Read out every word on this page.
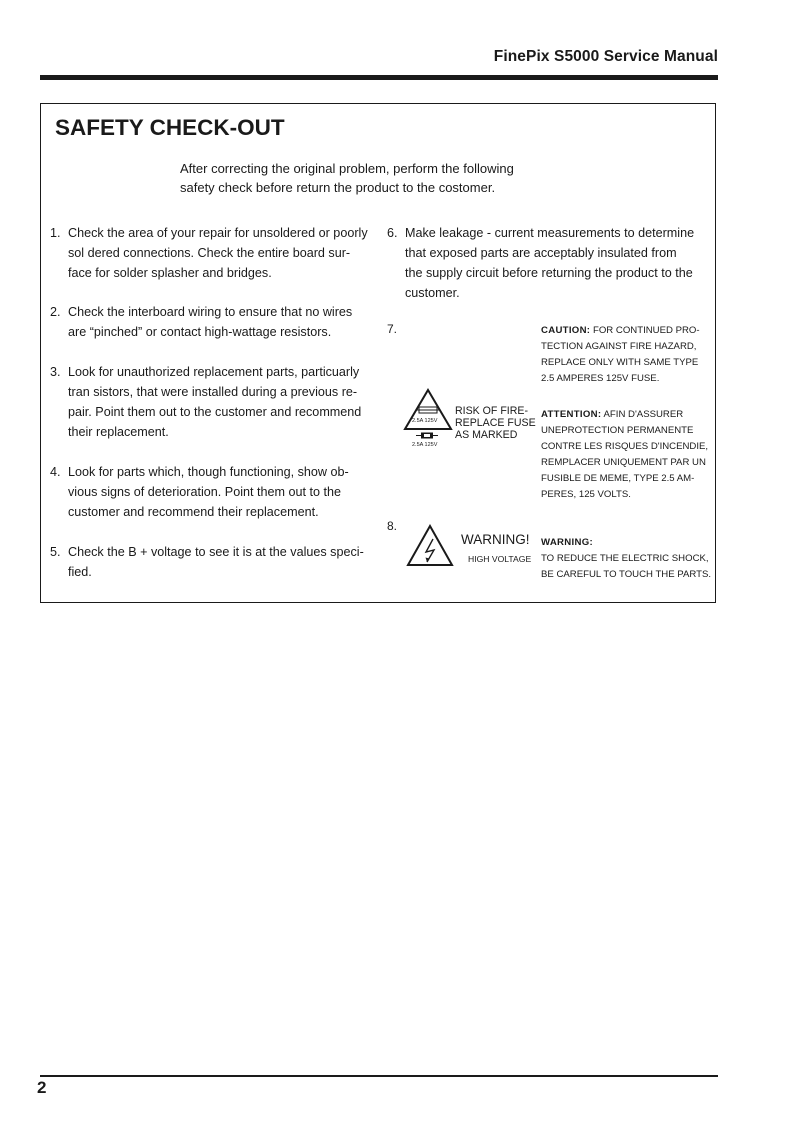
FinePix S5000 Service Manual
SAFETY CHECK-OUT
After correcting the original problem, perform the following
safety check before return the product to the costomer.
1. Check the area of your repair for unsoldered or poorly
sol dered connections. Check the entire board sur-
face for solder splasher and bridges.
2. Check the interboard wiring to ensure that no wires
are “pinched” or contact high-wattage resistors.
3. Look for unauthorized replacement parts, particuarly
tran sistors, that were installed during a previous re-
pair. Point them out to the customer and recommend
their replacement.
4. Look for parts which, though functioning, show ob-
vious signs of deterioration. Point them out to the
customer and recommend their replacement.
5. Check the B + voltage to see it is at the values speci-
fied.
6. Make leakage - current measurements to determine
that exposed parts are acceptably insulated from
the supply circuit before returning the product to the
customer.
7.	CAUTION: FOR CONTINUED PRO-
TECTION AGAINST FIRE HAZARD,
REPLACE ONLY WITH SAME TYPE
2.5 AMPERES 125V FUSE.
ATTENTION: AFIN D'ASSURER
UNEPROTECTION PERMANENTE
CONTRE LES RISQUES D'INCENDIE,
REMPLACER UNIQUEMENT PAR UN
FUSIBLE DE MEME, TYPE 2.5 AM-
PERES, 125 VOLTS.
2.5A 125V
2.5A 125V
RISK OF FIRE-
REPLACE FUSE
AS MARKED
8.
WARNING!
HIGH VOLTAGE
WARNING:
TO REDUCE THE ELECTRIC SHOCK,
BE CAREFUL TO TOUCH THE PARTS.
2
